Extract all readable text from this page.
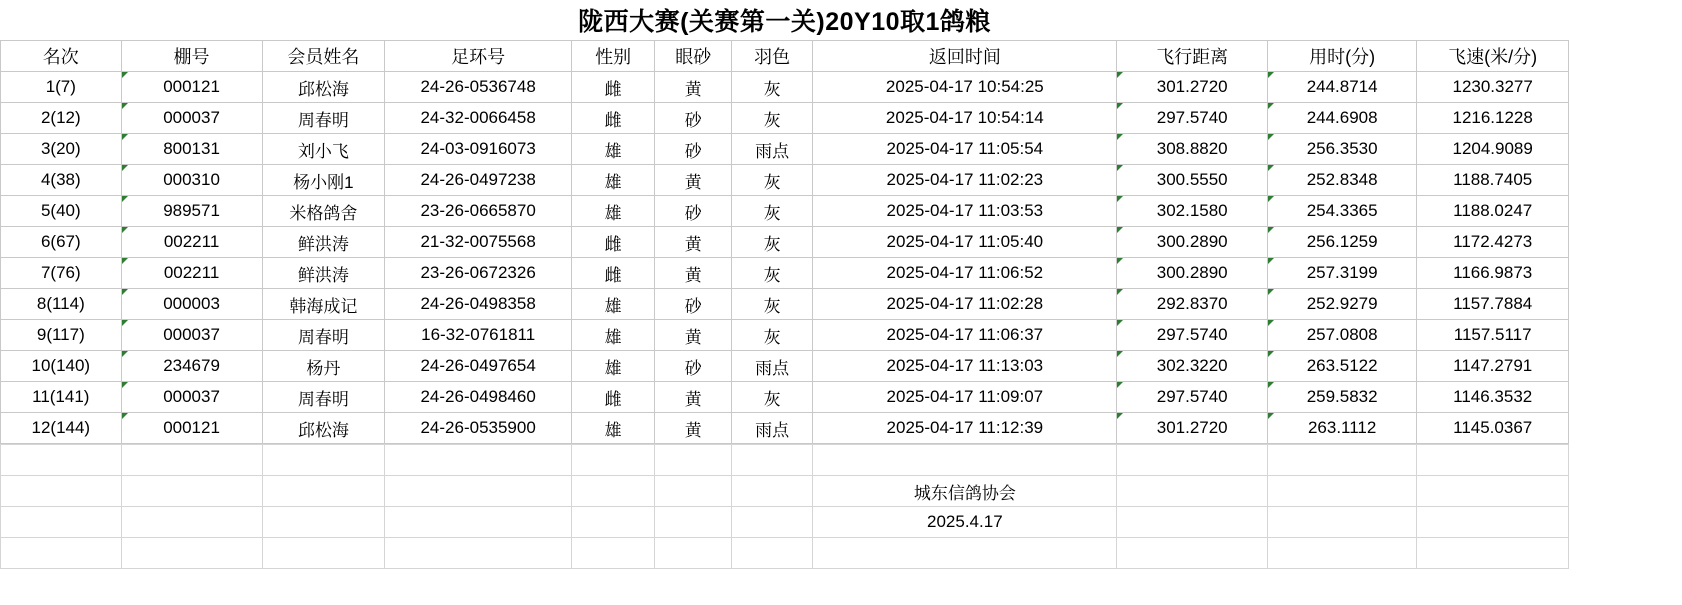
陇西大赛(关赛第一关)20Y10取1鸽粮
名次	棚号	会员姓名	足环号	性别	眼砂	羽色	返回时间	飞行距离	用时(分)	飞速(米/分)
1(7)	000121	邱松海	24-26-0536748	雌	黄	灰	2025-04-17 10:54:25	301.2720	244.8714	1230.3277
2(12)	000037	周春明	24-32-0066458	雌	砂	灰	2025-04-17 10:54:14	297.5740	244.6908	1216.1228
3(20)	800131	刘小飞	24-03-0916073	雄	砂	雨点	2025-04-17 11:05:54	308.8820	256.3530	1204.9089
4(38)	000310	杨小刚1	24-26-0497238	雄	黄	灰	2025-04-17 11:02:23	300.5550	252.8348	1188.7405
5(40)	989571	米格鸽舍	23-26-0665870	雄	砂	灰	2025-04-17 11:03:53	302.1580	254.3365	1188.0247
6(67)	002211	鲜洪涛	21-32-0075568	雌	黄	灰	2025-04-17 11:05:40	300.2890	256.1259	1172.4273
7(76)	002211	鲜洪涛	23-26-0672326	雌	黄	灰	2025-04-17 11:06:52	300.2890	257.3199	1166.9873
8(114)	000003	韩海成记	24-26-0498358	雄	砂	灰	2025-04-17 11:02:28	292.8370	252.9279	1157.7884
9(117)	000037	周春明	16-32-0761811	雄	黄	灰	2025-04-17 11:06:37	297.5740	257.0808	1157.5117
10(140)	234679	杨丹	24-26-0497654	雄	砂	雨点	2025-04-17 11:13:03	302.3220	263.5122	1147.2791
11(141)	000037	周春明	24-26-0498460	雌	黄	灰	2025-04-17 11:09:07	297.5740	259.5832	1146.3532
12(144)	000121	邱松海	24-26-0535900	雄	黄	雨点	2025-04-17 11:12:39	301.2720	263.1112	1145.0367

							城东信鸽协会			
							2025.4.17			
